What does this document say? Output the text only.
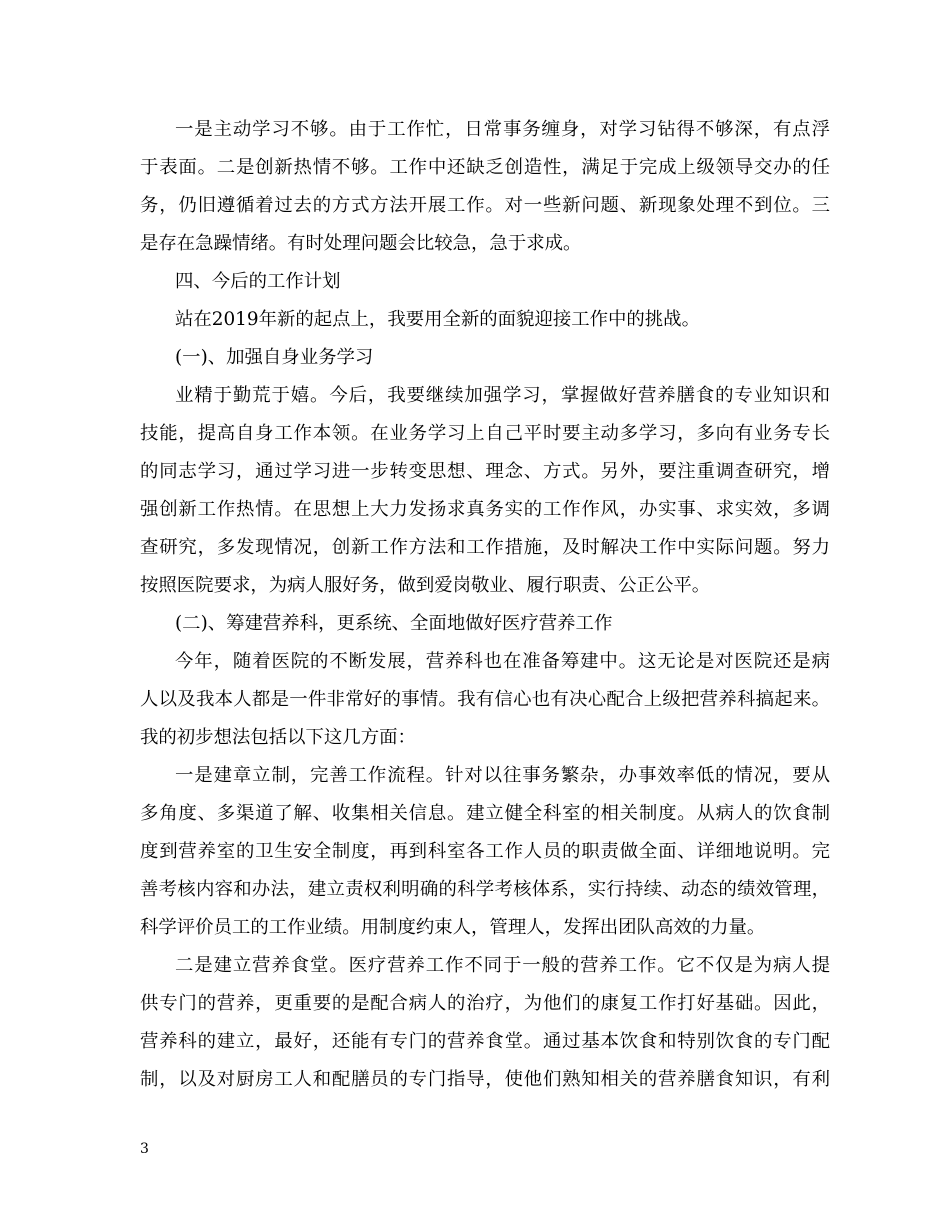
一是主动学习不够。由于工作忙，日常事务缠身，对学习钻得不够深，有点浮
于表面。二是创新热情不够。工作中还缺乏创造性，满足于完成上级领导交办的任
务，仍旧遵循着过去的方式方法开展工作。对一些新问题、新现象处理不到位。三
是存在急躁情绪。有时处理问题会比较急，急于求成。
四、今后的工作计划
站在2019年新的起点上，我要用全新的面貌迎接工作中的挑战。
(一)、加强自身业务学习
业精于勤荒于嬉。今后，我要继续加强学习，掌握做好营养膳食的专业知识和
技能，提高自身工作本领。在业务学习上自己平时要主动多学习，多向有业务专长
的同志学习，通过学习进一步转变思想、理念、方式。另外，要注重调查研究，增
强创新工作热情。在思想上大力发扬求真务实的工作作风，办实事、求实效，多调
查研究，多发现情况，创新工作方法和工作措施，及时解决工作中实际问题。努力
按照医院要求，为病人服好务，做到爱岗敬业、履行职责、公正公平。
(二)、筹建营养科，更系统、全面地做好医疗营养工作
今年，随着医院的不断发展，营养科也在准备筹建中。这无论是对医院还是病
人以及我本人都是一件非常好的事情。我有信心也有决心配合上级把营养科搞起来。
我的初步想法包括以下这几方面：
一是建章立制，完善工作流程。针对以往事务繁杂，办事效率低的情况，要从
多角度、多渠道了解、收集相关信息。建立健全科室的相关制度。从病人的饮食制
度到营养室的卫生安全制度，再到科室各工作人员的职责做全面、详细地说明。完
善考核内容和办法，建立责权利明确的科学考核体系，实行持续、动态的绩效管理，
科学评价员工的工作业绩。用制度约束人，管理人，发挥出团队高效的力量。
二是建立营养食堂。医疗营养工作不同于一般的营养工作。它不仅是为病人提
供专门的营养，更重要的是配合病人的治疗，为他们的康复工作打好基础。因此，
营养科的建立，最好，还能有专门的营养食堂。通过基本饮食和特别饮食的专门配
制，以及对厨房工人和配膳员的专门指导，使他们熟知相关的营养膳食知识，有利
3
